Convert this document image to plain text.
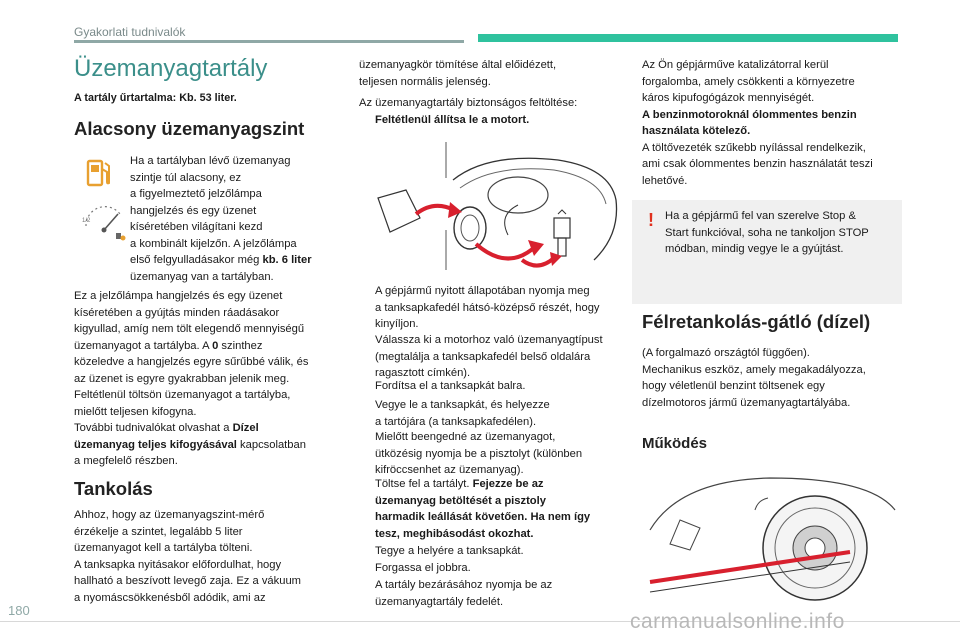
Gyakorlati tudnivalók
Üzemanyagtartály
A tartály űrtartalma: Kb. 53 liter.
Alacsony üzemanyagszint
1/2
Ha a tartályban lévő üzemanyag
szintje túl alacsony, ez
a figyelmeztető jelzőlámpa
hangjelzés és egy üzenet
kíséretében világítani kezd
a kombinált kijelzőn. A jelzőlámpa
első felgyulladásakor még kb. 6 liter
üzemanyag van a tartályban.
Ez a jelzőlámpa hangjelzés és egy üzenet
kíséretében a gyújtás minden ráadásakor
kigyullad, amíg nem tölt elegendő mennyiségű
üzemanyagot a tartályba. A 0 szinthez
közeledve a hangjelzés egyre sűrűbbé válik, és
az üzenet is egyre gyakrabban jelenik meg.
Feltétlenül töltsön üzemanyagot a tartályba,
mielőtt teljesen kifogyna.
További tudnivalókat olvashat a Dízel
üzemanyag teljes kifogyásával kapcsolatban
a megfelelő részben.
Tankolás
Ahhoz, hogy az üzemanyagszint-mérő
érzékelje a szintet, legalább 5 liter
üzemanyagot kell a tartályba tölteni.
A tanksapka nyitásakor előfordulhat, hogy
hallható a beszívott levegő zaja. Ez a vákuum
a nyomáscsökkenésből adódik, ami az
üzemanyagkör tömítése által előidézett,
teljesen normális jelenség.
Az üzemanyagtartály biztonságos feltöltése:
Feltétlenül állítsa le a motort.
A gépjármű nyitott állapotában nyomja meg
a tanksapkafedél hátsó-középső részét, hogy
kinyíljon.
Válassza ki a motorhoz való üzemanyagtípust
(megtalálja a tanksapkafedél belső oldalára
ragasztott címkén).
Fordítsa el a tanksapkát balra.
Vegye le a tanksapkát, és helyezze
a tartójára (a tanksapkafedélen).
Mielőtt beengedné az üzemanyagot,
ütközésig nyomja be a pisztolyt (különben
kifröccsenhet az üzemanyag).
Töltse fel a tartályt. Fejezze be az
üzemanyag betöltését a pisztoly
harmadik leállását követően. Ha nem így
tesz, meghibásodást okozhat.
Tegye a helyére a tanksapkát.
Forgassa el jobbra.
A tartály bezárásához nyomja be az
üzemanyagtartály fedelét.
Az Ön gépjárműve katalizátorral kerül
forgalomba, amely csökkenti a környezetre
káros kipufogógázok mennyiségét.
A benzinmotoroknál ólommentes benzin
használata kötelező.
A töltővezeték szűkebb nyílással rendelkezik,
ami csak ólommentes benzin használatát teszi
lehetővé.
! Ha a gépjármű fel van szerelve Stop &
Start funkcióval, soha ne tankoljon STOP
módban, mindig vegye le a gyújtást.
Félretankolás-gátló (dízel)
(A forgalmazó országtól függően).
Mechanikus eszköz, amely megakadályozza,
hogy véletlenül benzint töltsenek egy
dízelmotoros jármű üzemanyagtartályába.
Működés
180	carmanualsonline.info
